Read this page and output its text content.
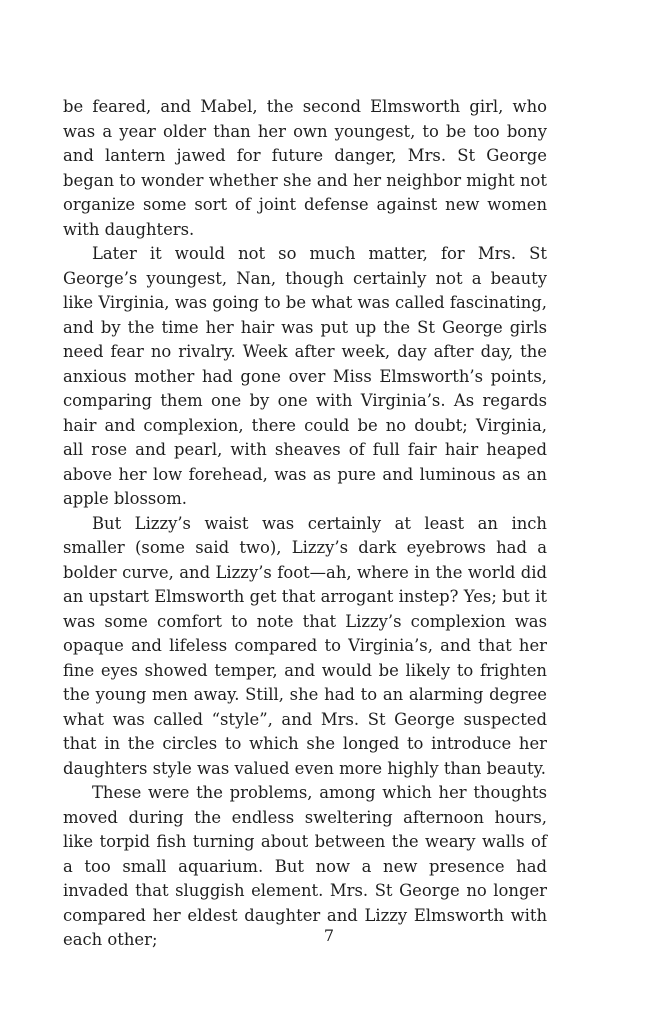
be feared, and Mabel, the second Elmsworth girl, who was a year older than her own youngest, to be too bony and lantern jawed for future danger, Mrs. St George began to wonder whether she and her neighbor might not organize some sort of joint defense against new women with daughters.

Later it would not so much matter, for Mrs. St George’s youngest, Nan, though certainly not a beauty like Virginia, was going to be what was called fascinating, and by the time her hair was put up the St George girls need fear no rivalry. Week after week, day after day, the anxious mother had gone over Miss Elmsworth’s points, comparing them one by one with Virginia’s. As regards hair and complexion, there could be no doubt; Virginia, all rose and pearl, with sheaves of full fair hair heaped above her low forehead, was as pure and luminous as an apple blossom.

But Lizzy’s waist was certainly at least an inch smaller (some said two), Lizzy’s dark eyebrows had a bolder curve, and Lizzy’s foot—ah, where in the world did an upstart Elmsworth get that arrogant instep? Yes; but it was some comfort to note that Lizzy’s complexion was opaque and lifeless compared to Virginia’s, and that her fine eyes showed temper, and would be likely to frighten the young men away. Still, she had to an alarming degree what was called “style”, and Mrs. St George suspected that in the circles to which she longed to introduce her daughters style was valued even more highly than beauty.

These were the problems, among which her thoughts moved during the endless sweltering afternoon hours, like torpid fish turning about between the weary walls of a too small aquarium. But now a new presence had invaded that sluggish element. Mrs. St George no longer compared her eldest daughter and Lizzy Elmsworth with each other;	7
